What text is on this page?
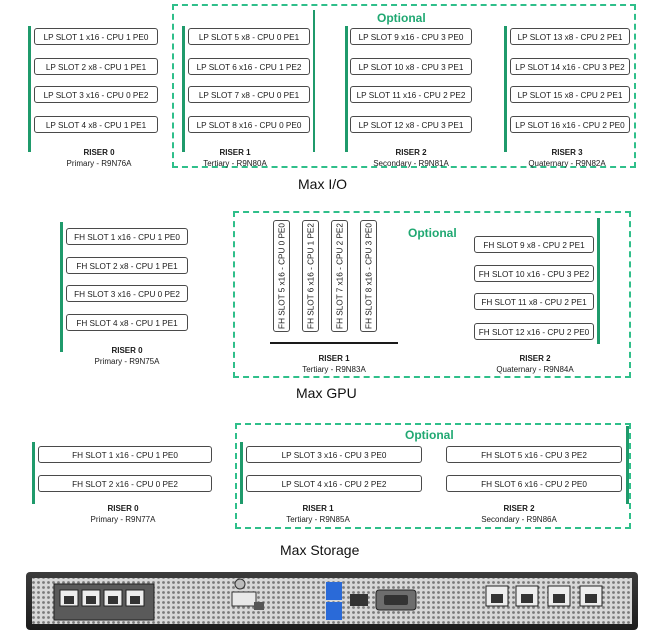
Optional
LP SLOT 1 x16 - CPU 1 PE0
LP SLOT 2 x8 - CPU 1 PE1
LP SLOT 3 x16 - CPU 0 PE2
LP SLOT 4 x8 - CPU 1 PE1
RISER 0
Primary - R9N76A
LP SLOT 5 x8 - CPU 0 PE1
LP SLOT 6 x16 - CPU 1 PE2
LP SLOT 7 x8 - CPU 0 PE1
LP SLOT 8 x16 - CPU 0 PE0
RISER 1
Tertiary - R9N80A
LP SLOT 9 x16 - CPU 3 PE0
LP SLOT 10 x8 - CPU 3 PE1
LP SLOT 11 x16 - CPU 2 PE2
LP SLOT 12 x8 - CPU 3 PE1
RISER 2
Secondary - R9N81A
LP SLOT 13 x8 - CPU 2 PE1
LP SLOT 14 x16 - CPU 3 PE2
LP SLOT 15 x8 - CPU 2 PE1
LP SLOT 16 x16 - CPU 2 PE0
RISER 3
Quaternary - R9N82A
Max I/O
Optional
FH SLOT 1 x16 - CPU 1 PE0
FH SLOT 2 x8 - CPU 1 PE1
FH SLOT 3 x16 - CPU 0 PE2
FH SLOT 4 x8 - CPU 1 PE1
RISER 0
Primary - R9N75A
FH SLOT 5 x16 - CPU 0 PE0 FH SLOT 6 x16 - CPU 1 PE2 FH SLOT 7 x16 - CPU 2 PE2 FH SLOT 8 x16 - CPU 3 PE0
RISER 1
Tertiary - R9N83A
FH SLOT 9 x8 - CPU 2 PE1
FH SLOT 10 x16 - CPU 3 PE2
FH SLOT 11 x8 - CPU 2 PE1
FH SLOT 12 x16 - CPU 2 PE0
RISER 2
Quaternary - R9N84A
Max GPU
Optional
FH SLOT 1 x16 - CPU 1 PE0
FH SLOT 2 x16 - CPU 0 PE2
RISER 0
Primary - R9N77A
LP SLOT 3 x16 - CPU 3 PE0
LP SLOT 4 x16 - CPU 2 PE2
RISER 1
Tertiary - R9N85A
FH SLOT 5 x16 - CPU 3 PE2
FH SLOT 6 x16 - CPU 2 PE0
RISER 2
Secondary - R9N86A
Max Storage
